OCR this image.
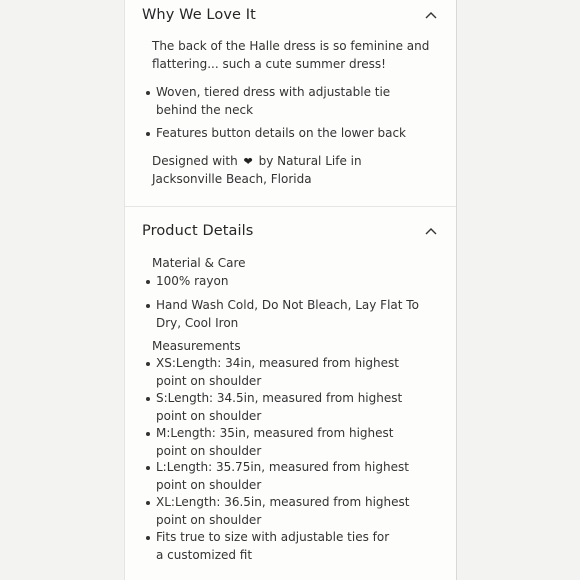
Why We Love It
The back of the Halle dress is so feminine and flattering... such a cute summer dress!
Woven, tiered dress with adjustable tie behind the neck
Features button details on the lower back
Designed with ❤ by Natural Life in Jacksonville Beach, Florida
Product Details
Material & Care
100% rayon
Hand Wash Cold, Do Not Bleach, Lay Flat To Dry, Cool Iron
Measurements
XS:Length: 34in, measured from highest point on shoulder
S:Length: 34.5in, measured from highest point on shoulder
M:Length: 35in, measured from highest point on shoulder
L:Length: 35.75in, measured from highest point on shoulder
XL:Length: 36.5in, measured from highest point on shoulder
Fits true to size with adjustable ties for a customized fit
